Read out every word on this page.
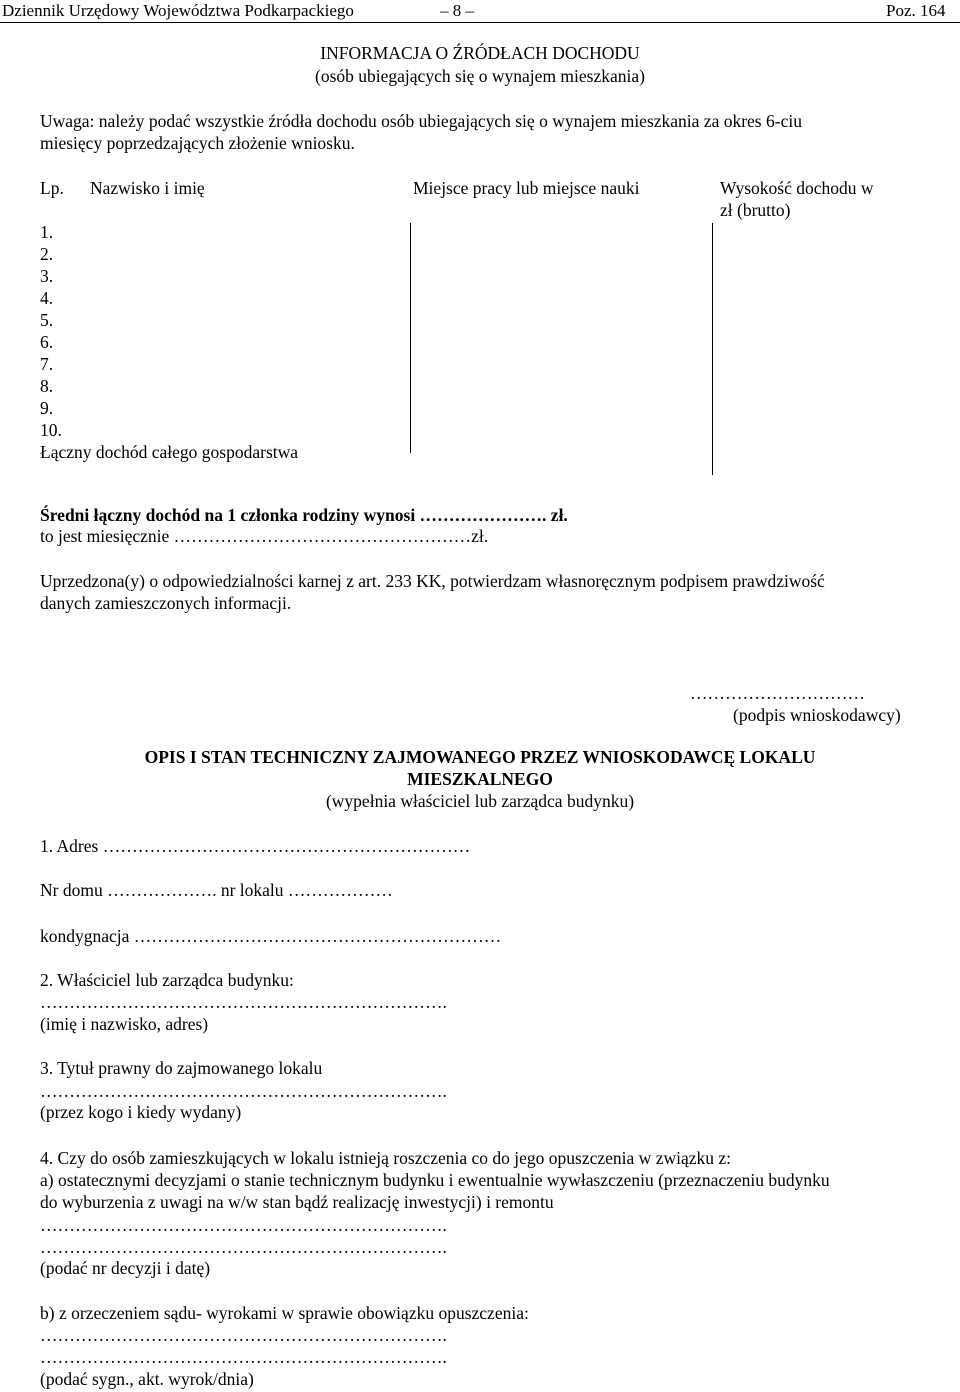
Dziennik Urzędowy Województwa Podkarpackiego	– 8 –	Poz. 164
INFORMACJA O ŹRÓDŁACH DOCHODU
(osób ubiegających się o wynajem mieszkania)
Uwaga: należy podać wszystkie źródła dochodu osób ubiegających się o wynajem mieszkania za okres 6-ciu
miesięcy poprzedzających złożenie wniosku.
Lp.	Nazwisko i imię	Miejsce pracy lub miejsce nauki	Wysokość dochodu w
zł (brutto)

1.			
2.			
3.			
4.			
5.			
6.			
7.			
8.			
9.			
10.			
Łączny dochód całego gospodarstwa			
Średni łączny dochód na 1 członka rodziny wynosi …………………. zł.
to jest miesięcznie ……………………………………………zł.
Uprzedzona(y) o odpowiedzialności karnej z art. 233 KK, potwierdzam własnoręcznym podpisem prawdziwość
danych zamieszczonych informacji.
…………………………
(podpis wnioskodawcy)
OPIS I STAN TECHNICZNY ZAJMOWANEGO PRZEZ WNIOSKODAWCĘ LOKALU
MIESZKALNEGO
(wypełnia właściciel lub zarządca budynku)
1. Adres ………………………………………………………
Nr domu ………………. nr lokalu ………………
kondygnacja ………………………………………………………
2. Właściciel lub zarządca budynku:
…………………………………………………………….
(imię i nazwisko, adres)
3. Tytuł prawny do zajmowanego lokalu
…………………………………………………………….
(przez kogo i kiedy wydany)
4. Czy do osób zamieszkujących w lokalu istnieją roszczenia co do jego opuszczenia w związku z:
a) ostatecznymi decyzjami o stanie technicznym budynku i ewentualnie wywłaszczeniu (przeznaczeniu budynku
do wyburzenia z uwagi na w/w stan bądź realizację inwestycji) i remontu
…………………………………………………………….
…………………………………………………………….
(podać nr decyzji i datę)
b) z orzeczeniem sądu- wyrokami w sprawie obowiązku opuszczenia:
…………………………………………………………….
…………………………………………………………….
(podać sygn., akt. wyrok/dnia)
